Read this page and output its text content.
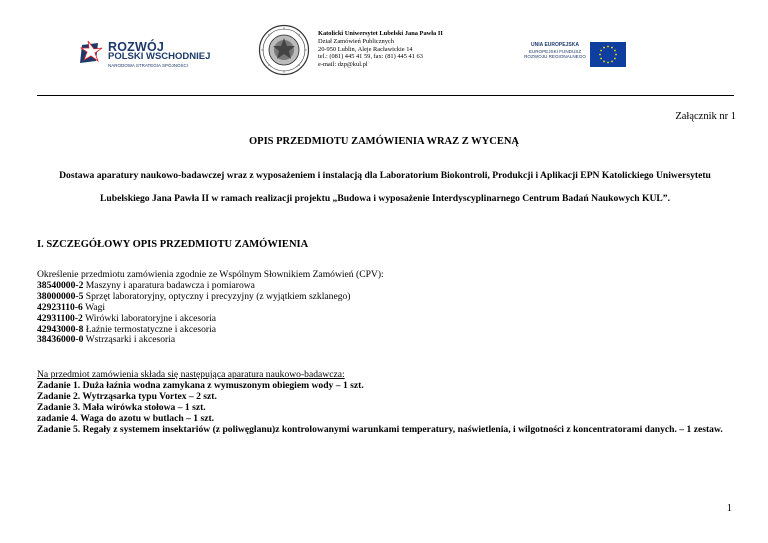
ROZWÓJ
POLSKI WSCHODNIEJ
NARODOWA STRATEGIA SPÓJNOŚCI
Katolicki Uniwersytet Lubelski Jana Pawła II
Dział Zamówień Publicznych
20-950 Lublin, Aleje Racławickie 14
tel.: (081) 445 41 59, fax: (81) 445 41 63
e-mail: dzp@kul.pl
UNIA EUROPEJSKA
EUROPEJSKI FUNDUSZ
ROZWOJU REGIONALNEGO
Załącznik nr 1
OPIS PRZEDMIOTU ZAMÓWIENIA WRAZ Z WYCENĄ
Dostawa aparatury naukowo-badawczej wraz z wyposażeniem i instalacją dla Laboratorium Biokontroli, Produkcji i Aplikacji EPN Katolickiego Uniwersytetu Lubelskiego Jana Pawła II w ramach realizacji projektu „Budowa i wyposażenie Interdyscyplinarnego Centrum Badań Naukowych KUL”.
I. SZCZEGÓŁOWY OPIS PRZEDMIOTU ZAMÓWIENIA
Określenie przedmiotu zamówienia zgodnie ze Wspólnym Słownikiem Zamówień (CPV):
38540000-2 Maszyny i aparatura badawcza i pomiarowa
38000000-5 Sprzęt laboratoryjny, optyczny i precyzyjny (z wyjątkiem szklanego)
42923110-6 Wagi
42931100-2 Wirówki laboratoryjne i akcesoria
42943000-8 Łaźnie termostatyczne i akcesoria
38436000-0 Wstrząsarki i akcesoria
Na przedmiot zamówienia składa się następująca aparatura naukowo-badawcza:
Zadanie 1. Duża łaźnia wodna zamykana z wymuszonym obiegiem wody – 1 szt.
Zadanie 2. Wytrząsarka typu Vortex – 2 szt.
Zadanie 3. Mała wirówka stołowa – 1 szt.
zadanie 4. Waga do azotu w butlach – 1 szt.
Zadanie 5. Regały z systemem insektariów (z poliwęglanu)z kontrolowanymi warunkami temperatury, naświetlenia, i wilgotności z koncentratorami danych. – 1 zestaw.
1
